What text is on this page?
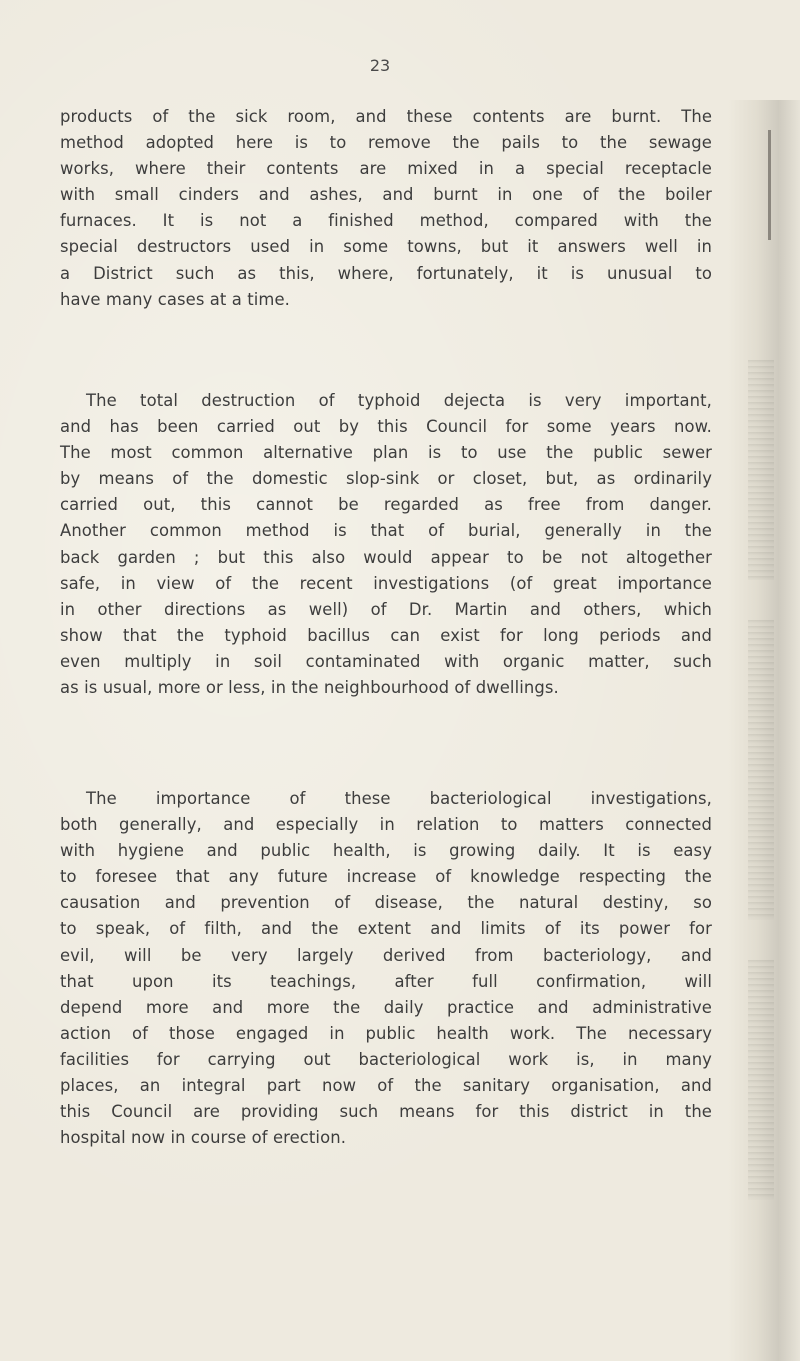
23
products of the sick room, and these contents are burnt. The
method adopted here is to remove the pails to the sewage
works, where their contents are mixed in a special receptacle
with small cinders and ashes, and burnt in one of the boiler
furnaces. It is not a finished method, compared with the
special destructors used in some towns, but it answers well in
a District such as this, where, fortunately, it is unusual to
have many cases at a time.
The total destruction of typhoid dejecta is very important,
and has been carried out by this Council for some years now.
The most common alternative plan is to use the public sewer
by means of the domestic slop-sink or closet, but, as ordinarily
carried out, this cannot be regarded as free from danger.
Another common method is that of burial, generally in the
back garden ; but this also would appear to be not altogether
safe, in view of the recent investigations (of great importance
in other directions as well) of Dr. Martin and others, which
show that the typhoid bacillus can exist for long periods and
even multiply in soil contaminated with organic matter, such
as is usual, more or less, in the neighbourhood of dwellings.
The importance of these bacteriological investigations,
both generally, and especially in relation to matters connected
with hygiene and public health, is growing daily. It is easy
to foresee that any future increase of knowledge respecting the
causation and prevention of disease, the natural destiny, so
to speak, of filth, and the extent and limits of its power for
evil, will be very largely derived from bacteriology, and
that upon its teachings, after full confirmation, will
depend more and more the daily practice and administrative
action of those engaged in public health work. The necessary
facilities for carrying out bacteriological work is, in many
places, an integral part now of the sanitary organisation, and
this Council are providing such means for this district in the
hospital now in course of erection.
